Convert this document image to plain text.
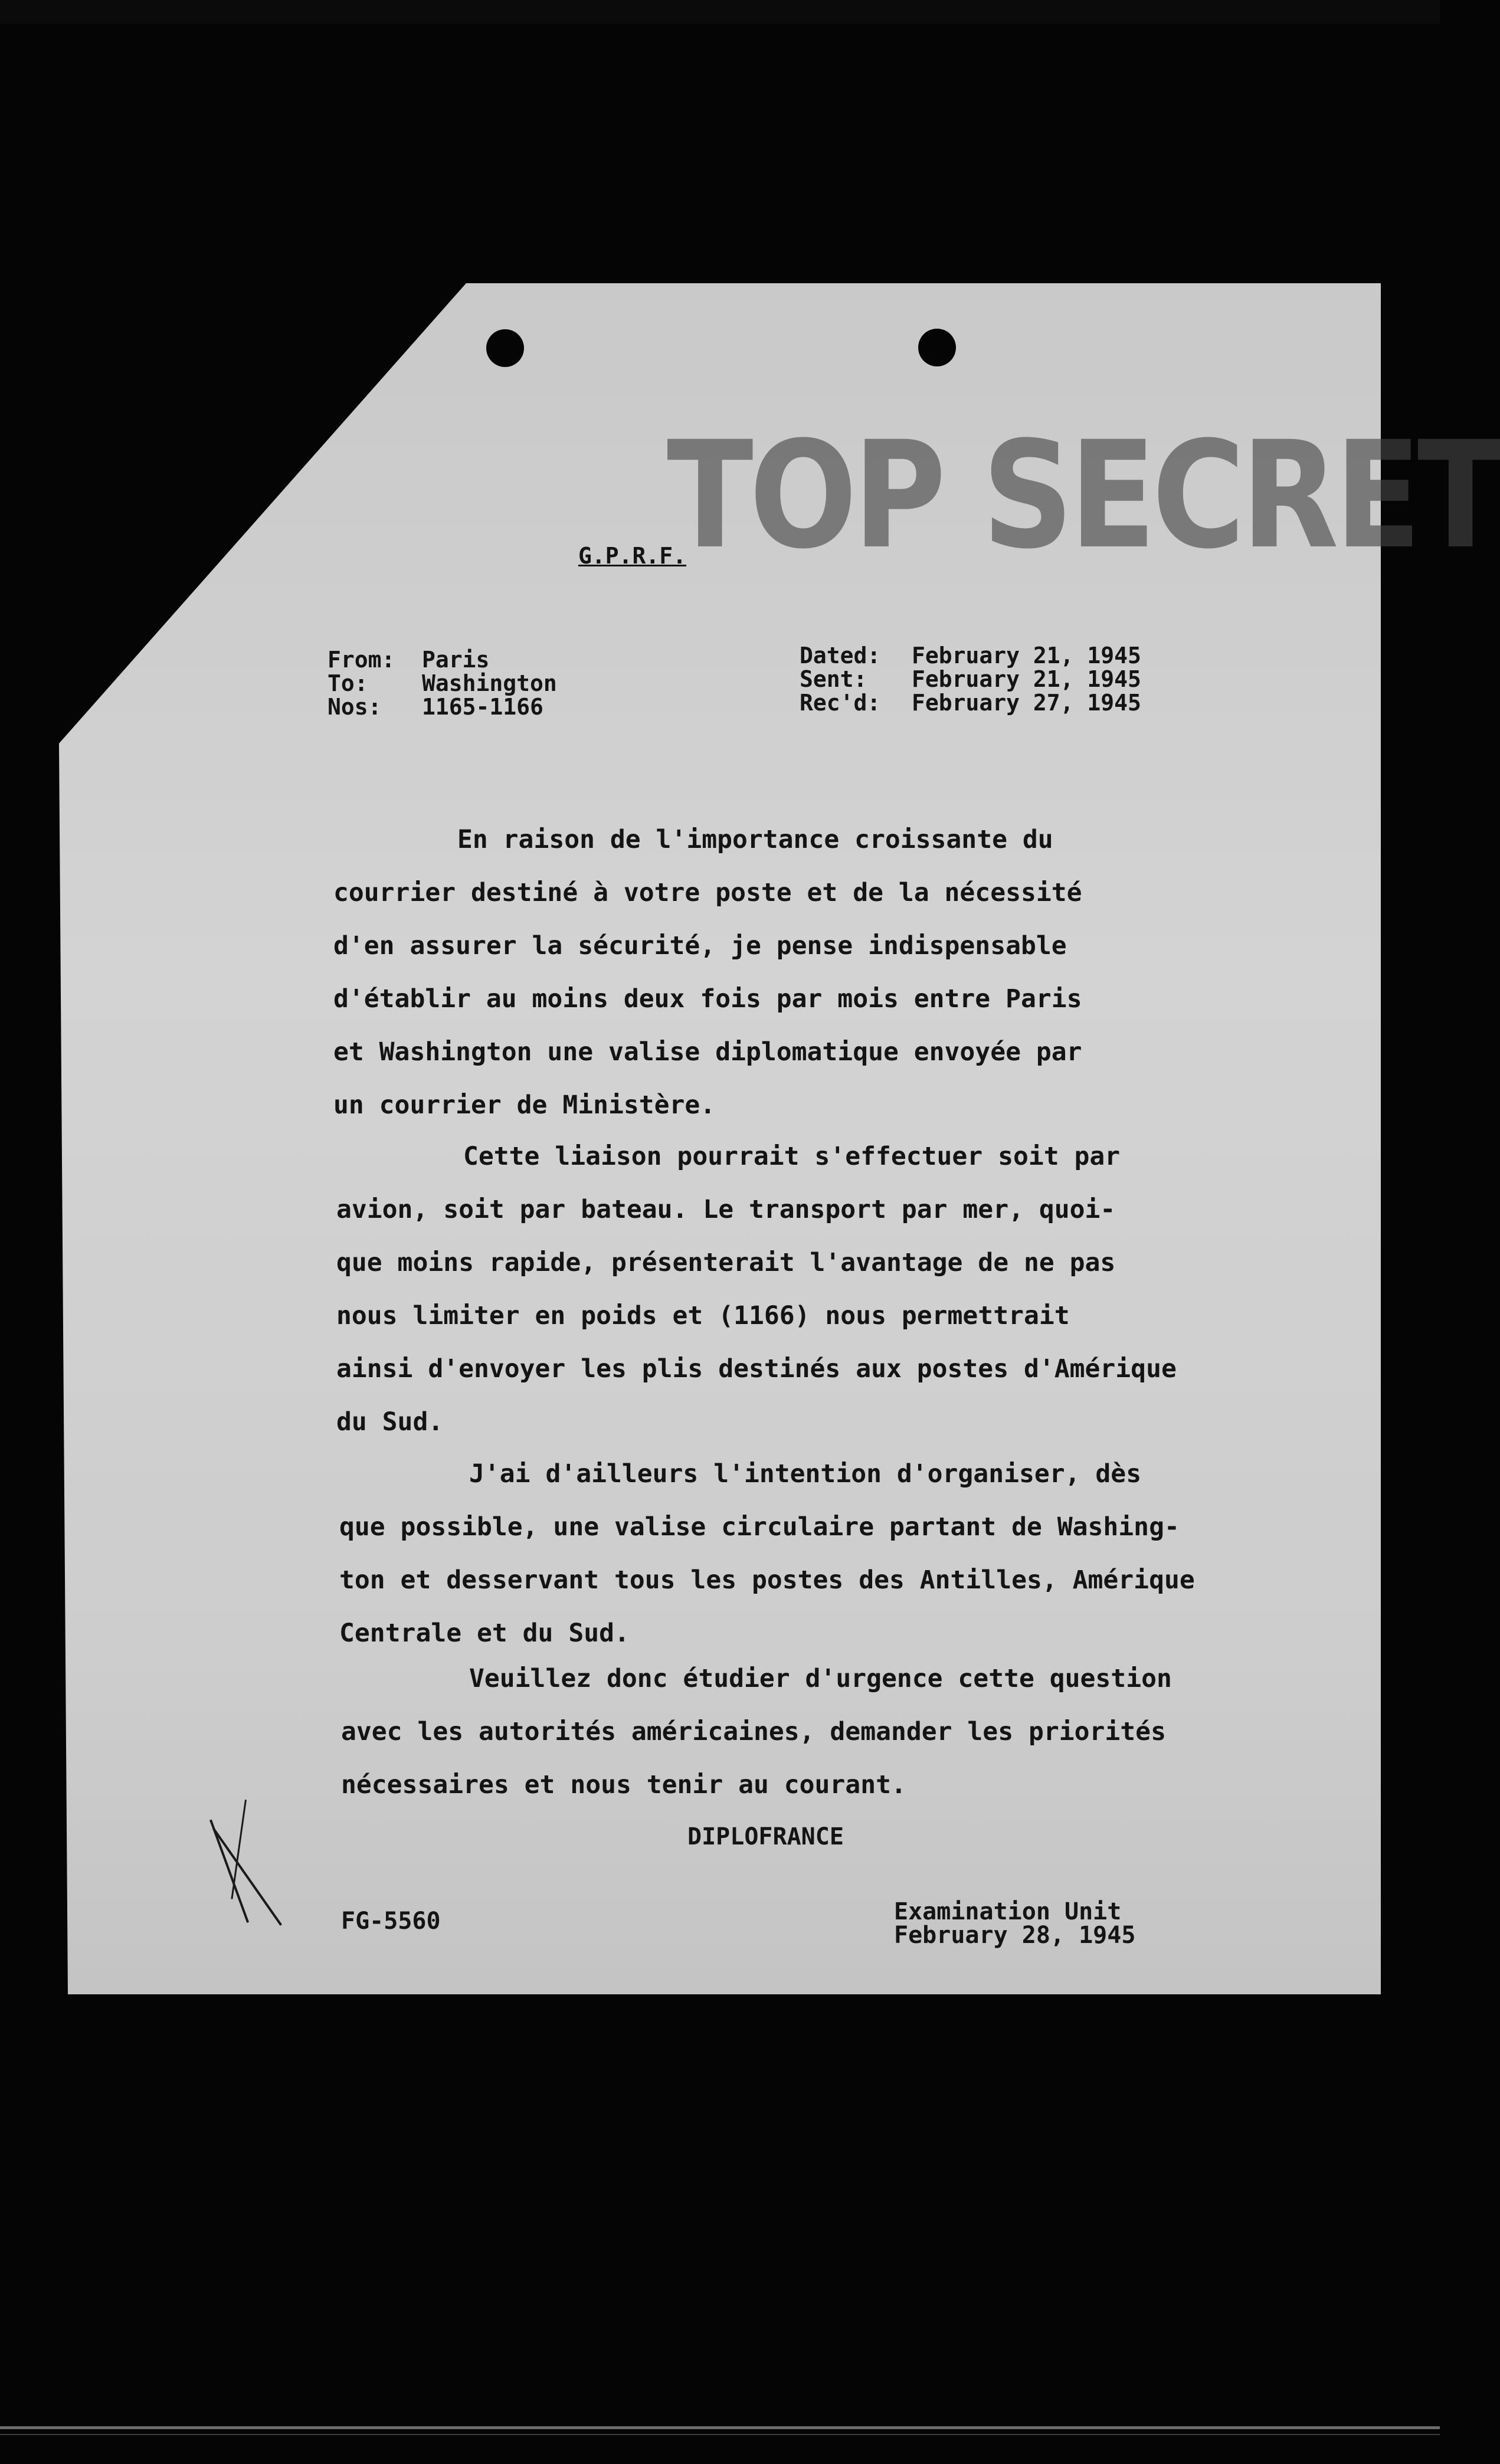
TOP SECRET
G.P.R.F.
From: Paris
To: Washington
Nos: 1165-1166
Dated: February 21, 1945
Sent: February 21, 1945
Rec'd: February 27, 1945
En raison de l'importance croissante du
courrier destiné à votre poste et de la nécessité
d'en assurer la sécurité, je pense indispensable
d'établir au moins deux fois par mois entre Paris
et Washington une valise diplomatique envoyée par
un courrier de Ministère.
Cette liaison pourrait s'effectuer soit par
avion, soit par bateau. Le transport par mer, quoi-
que moins rapide, présenterait l'avantage de ne pas
nous limiter en poids et (1166) nous permettrait
ainsi d'envoyer les plis destinés aux postes d'Amérique
du Sud.
J'ai d'ailleurs l'intention d'organiser, dès
que possible, une valise circulaire partant de Washing-
ton et desservant tous les postes des Antilles, Amérique
Centrale et du Sud.
Veuillez donc étudier d'urgence cette question
avec les autorités américaines, demander les priorités
nécessaires et nous tenir au courant.
DIPLOFRANCE
FG-5560	Examination Unit
February 28, 1945
